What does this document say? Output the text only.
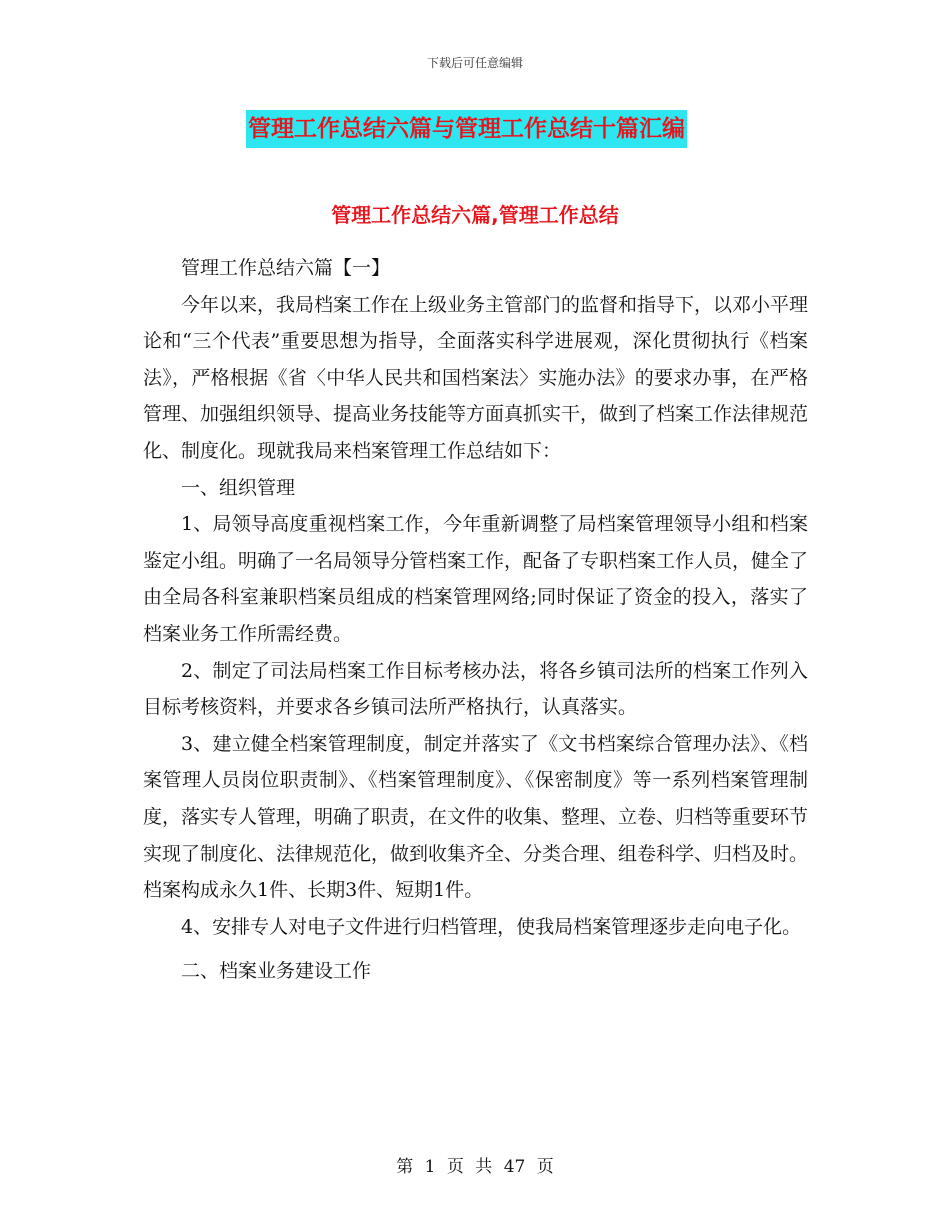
下载后可任意编辑
管理工作总结六篇与管理工作总结十篇汇编
管理工作总结六篇,管理工作总结

管理工作总结六篇【一】

今年以来，我局档案工作在上级业务主管部门的监督和指导下，以邓小平理论和“三个代表”重要思想为指导，全面落实科学进展观，深化贯彻执行《档案法》，严格根据《省〈中华人民共和国档案法〉实施办法》的要求办事，在严格管理、加强组织领导、提高业务技能等方面真抓实干，做到了档案工作法律规范化、制度化。现就我局来档案管理工作总结如下：

一、组织管理

1、局领导高度重视档案工作，今年重新调整了局档案管理领导小组和档案鉴定小组。明确了一名局领导分管档案工作，配备了专职档案工作人员，健全了由全局各科室兼职档案员组成的档案管理网络;同时保证了资金的投入，落实了档案业务工作所需经费。

2、制定了司法局档案工作目标考核办法，将各乡镇司法所的档案工作列入目标考核资料，并要求各乡镇司法所严格执行，认真落实。

3、建立健全档案管理制度，制定并落实了《文书档案综合管理办法》、《档案管理人员岗位职责制》、《档案管理制度》、《保密制度》等一系列档案管理制度，落实专人管理，明确了职责，在文件的收集、整理、立卷、归档等重要环节实现了制度化、法律规范化，做到收集齐全、分类合理、组卷科学、归档及时。档案构成永久1件、长期3件、短期1件。

4、安排专人对电子文件进行归档管理，使我局档案管理逐步走向电子化。

二、档案业务建设工作

第 1 页 共 47 页
